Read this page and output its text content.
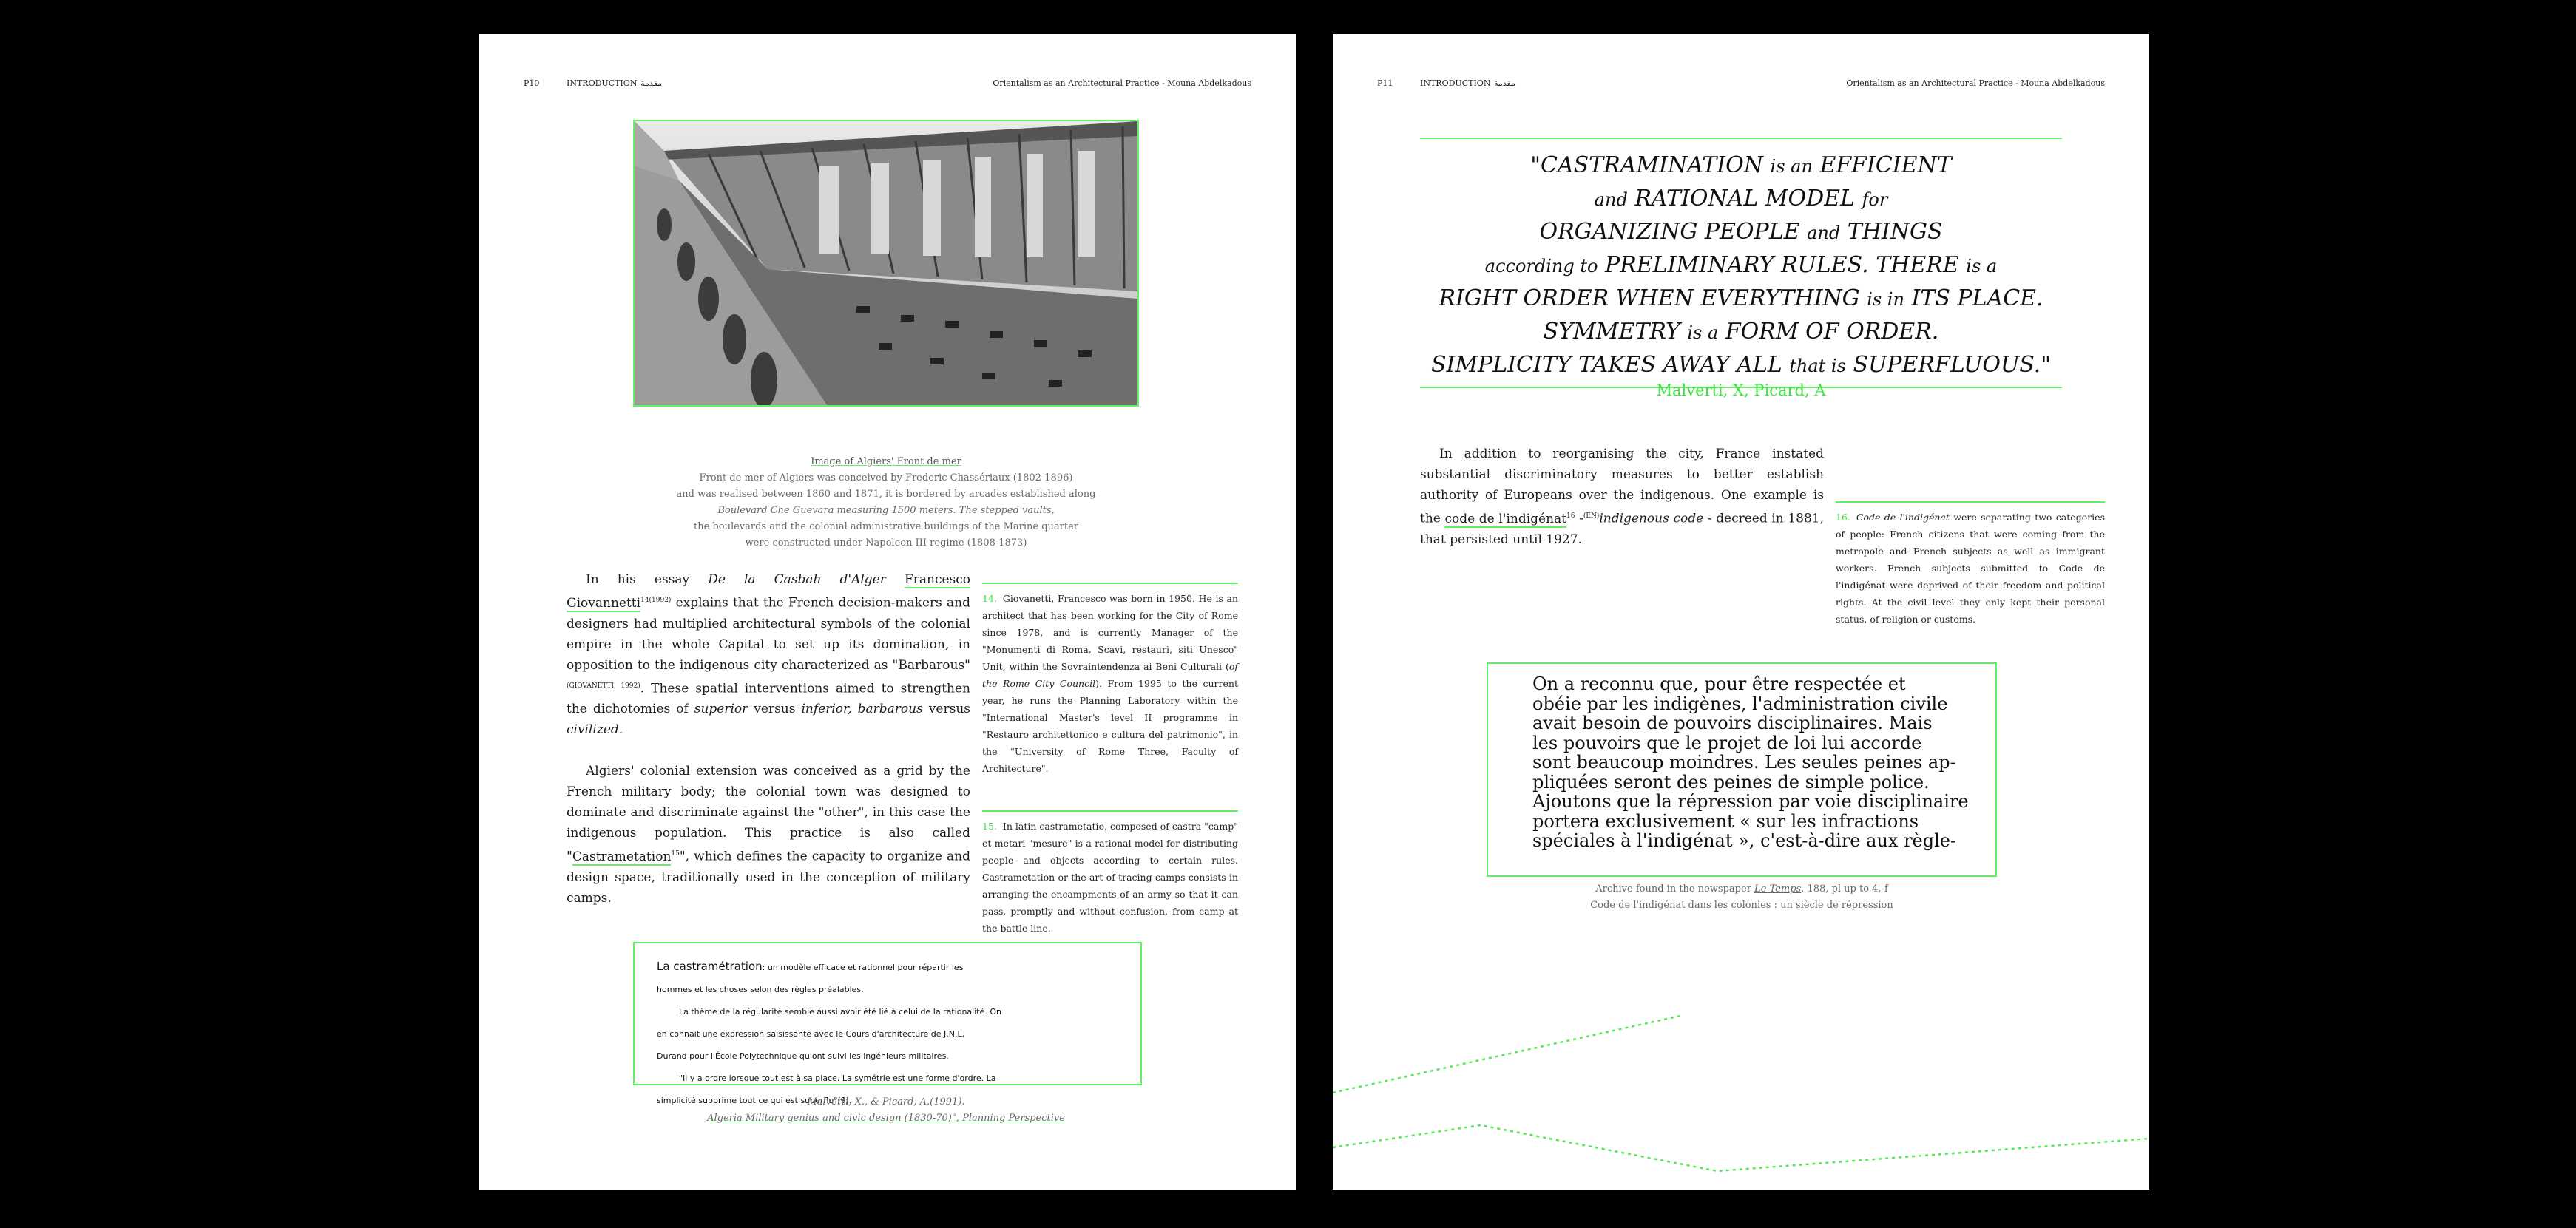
P10	INTRODUCTION مقدمة	Orientalism as an Architectural Practice - Mouna Abdelkadous
Image of Algiers' Front de mer
Front de mer of Algiers was conceived by Frederic Chassériaux (1802-1896)
and was realised between 1860 and 1871, it is bordered by arcades established along
Boulevard Che Guevara measuring 1500 meters. The stepped vaults,
the boulevards and the colonial administrative buildings of the Marine quarter
were constructed under Napoleon III regime (1808-1873)

In his essay De la Casbah d'Alger Francesco Giovannetti$^{14(1992)}$ explains that the French decision-makers and designers had multiplied architectural symbols of the colonial empire in the whole Capital to set up its domination, in opposition to the indigenous city characterized as "Barbarous"$^{(GIOVANETTI, 1992)}$. These spatial interventions aimed to strengthen the dichotomies of superior versus inferior, barbarous versus civilized.

Algiers' colonial extension was conceived as a grid by the French military body; the colonial town was designed to dominate and discriminate against the "other", in this case the indigenous population. This practice is also called "Castrametation$^{15}$", which defines the capacity to organize and design space, traditionally used in the conception of military camps.

14. Giovanetti, Francesco was born in 1950. He is an architect that has been working for the City of Rome since 1978, and is currently Manager of the "Monumenti di Roma. Scavi, restauri, siti Unesco" Unit, within the Sovraintendenza ai Beni Culturali (of the Rome City Council). From 1995 to the current year, he runs the Planning Laboratory within the "International Master's level II programme in "Restauro architettonico e cultura del patrimonio", in the "University of Rome Three, Faculty of Architecture".
15. In latin castrametatio, composed of castra "camp" et metari "mesure" is a rational model for distributing people and objects according to certain rules. Castrametation or the art of tracing camps consists in arranging the encampments of an army so that it can pass, promptly and without confusion, from camp at the battle line.
La castramétration: un modèle efficace et rationnel pour répartir les
hommes et les choses selon des règles préalables.
La thème de la régularité semble aussi avoir été lié à celui de la rationalité. On
en connait une expression saisissante avec le Cours d'architecture de J.N.L.
Durand pour l'École Polytechnique qu'ont suivi les ingénieurs militaires.
"Il y a ordre lorsque tout est à sa place. La symétrie est une forme d'ordre. La
simplicité supprime tout ce qui est superflu"(9).
Malverti, X., & Picard, A.(1991).
Algeria Military genius and civic design (1830-70)", Planning Perspective
P11	INTRODUCTION مقدمة	Orientalism as an Architectural Practice - Mouna Abdelkadous
"CASTRAMINATION is an EFFICIENT
and RATIONAL MODEL for
ORGANIZING PEOPLE and THINGS
according to PRELIMINARY RULES. THERE is a
RIGHT ORDER WHEN EVERYTHING is in ITS PLACE.
SYMMETRY is a FORM OF ORDER.
SIMPLICITY TAKES AWAY ALL that is SUPERFLUOUS."
Malverti, X, Picard, A

In addition to reorganising the city, France instated substantial discriminatory measures to better establish authority of Europeans over the indigenous. One example is the code de l'indigénat$^{16}$ -$^{(EN)}$indigenous code - decreed in 1881, that persisted until 1927.

16. Code de l'indigénat were separating two categories of people: French citizens that were coming from the metropole and French subjects as well as immigrant workers. French subjects submitted to Code de l'indigénat were deprived of their freedom and political rights. At the civil level they only kept their personal status, of religion or customs.
On a reconnu que, pour être respectée et
obéie par les indigènes, l'administration civile
avait besoin de pouvoirs disciplinaires. Mais
les pouvoirs que le projet de loi lui accorde
sont beaucoup moindres. Les seules peines ap-
pliquées seront des peines de simple police.
Ajoutons que la répression par voie disciplinaire
portera exclusivement « sur les infractions
spéciales à l'indigénat », c'est-à-dire aux règle-
Archive found in the newspaper Le Temps, 188, pl up to 4.-f
Code de l'indigénat dans les colonies : un siècle de répression
